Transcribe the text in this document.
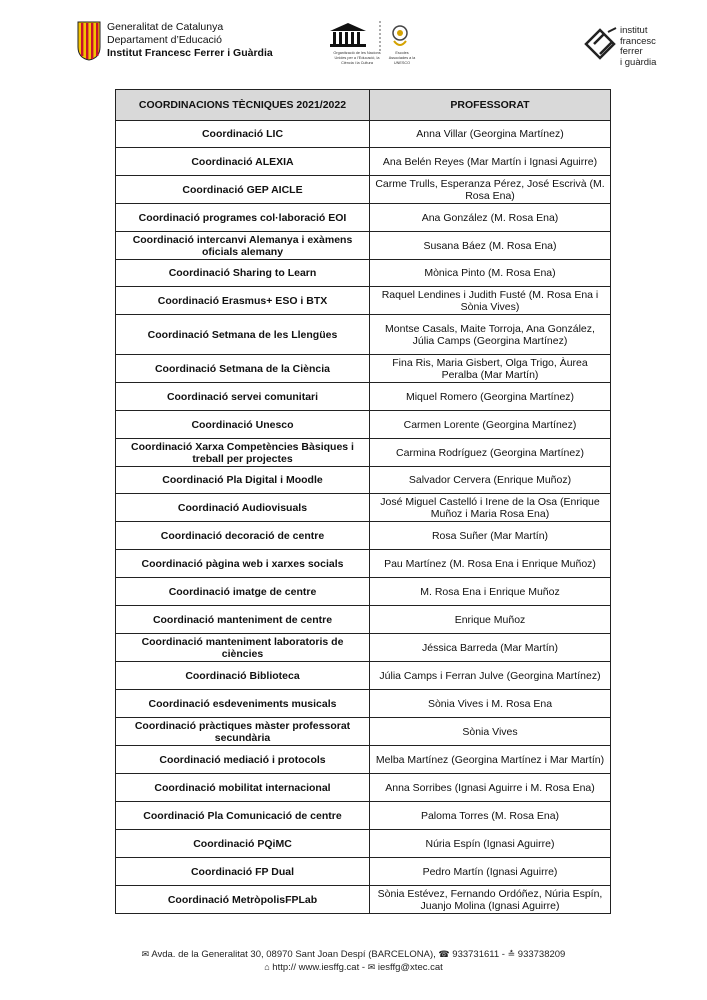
Generalitat de Catalunya
Departament d’Educació
Institut Francesc Ferrer i Guàrdia	Organització de les Nacions Unides per a l’Educació, la Ciència i la Cultura
Escoles Associades a la UNESCO
institut
francesc
ferrer
i guàrdia
COORDINACIONS TÈCNIQUES 2021/2022	PROFESSORAT
Coordinació LIC	Anna Villar (Georgina Martínez)
Coordinació ALEXIA	Ana Belén Reyes (Mar Martín i Ignasi Aguirre)
Coordinació GEP AICLE	Carme Trulls, Esperanza Pérez, José Escrivà (M. Rosa Ena)
Coordinació programes col·laboració EOI	Ana González (M. Rosa Ena)
Coordinació intercanvi Alemanya i exàmens oficials alemany	Susana Báez (M. Rosa Ena)
Coordinació Sharing to Learn	Mònica Pinto (M. Rosa Ena)
Coordinació Erasmus+ ESO i BTX	Raquel Lendines i Judith Fusté (M. Rosa Ena i Sònia Vives)
Coordinació Setmana de les Llengües	Montse Casals, Maite Torroja, Ana González, Júlia Camps (Georgina Martínez)
Coordinació Setmana de la Ciència	Fina Ris, Maria Gisbert, Olga Trigo, Àurea Peralba (Mar Martín)
Coordinació servei comunitari	Miquel Romero (Georgina Martínez)
Coordinació Unesco	Carmen Lorente (Georgina Martínez)
Coordinació Xarxa Competències Bàsiques i treball per projectes	Carmina Rodríguez (Georgina Martínez)
Coordinació Pla Digital i Moodle	Salvador Cervera (Enrique Muñoz)
Coordinació Audiovisuals	José Miguel Castelló i Irene de la Osa (Enrique Muñoz i Maria Rosa Ena)
Coordinació decoració de centre	Rosa Suñer (Mar Martín)
Coordinació pàgina web i xarxes socials	Pau Martínez (M. Rosa Ena i Enrique Muñoz)
Coordinació imatge de centre	M. Rosa Ena i Enrique Muñoz
Coordinació manteniment de centre	Enrique Muñoz
Coordinació manteniment laboratoris de ciències	Jéssica Barreda (Mar Martín)
Coordinació Biblioteca	Júlia Camps i Ferran Julve (Georgina Martínez)
Coordinació esdeveniments musicals	Sònia Vives i M. Rosa Ena
Coordinació pràctiques màster professorat secundària	Sònia Vives
Coordinació mediació i protocols	Melba Martínez (Georgina Martínez i Mar Martín)
Coordinació mobilitat internacional	Anna Sorribes (Ignasi Aguirre i M. Rosa Ena)
Coordinació Pla Comunicació de centre	Paloma Torres (M. Rosa Ena)
Coordinació PQiMC	Núria Espín (Ignasi Aguirre)
Coordinació FP Dual	Pedro Martín (Ignasi Aguirre)
Coordinació MetròpolisFPLab	Sònia Estévez, Fernando Ordóñez, Núria Espín, Juanjo Molina (Ignasi Aguirre)
✉ Avda. de la Generalitat 30, 08970 Sant Joan Despí (BARCELONA), ☎ 933731611 - ≛ 933738209
⌂ http:// www.iesffg.cat - ✉ iesffg@xtec.cat
